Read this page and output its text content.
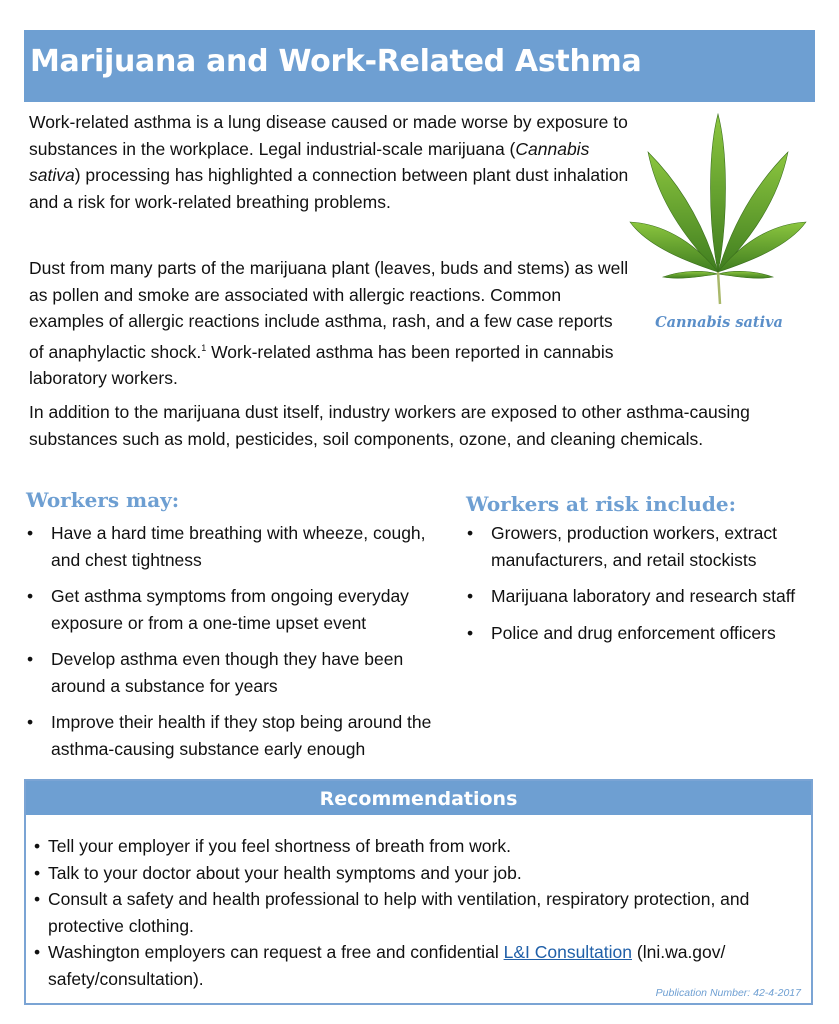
Marijuana and Work-Related Asthma

Work-related asthma is a lung disease caused or made worse by exposure to substances in the workplace. Legal industrial-scale marijuana (Cannabis sativa) processing has highlighted a connection between plant dust inhalation and a risk for work-related breathing problems.

Cannabis sativa

Dust from many parts of the marijuana plant (leaves, buds and stems) as well as pollen and smoke are associated with allergic reactions. Common examples of allergic reactions include asthma, rash, and a few case reports of anaphylactic shock.$^1$ Work-related asthma has been reported in cannabis laboratory workers.

In addition to the marijuana dust itself, industry workers are exposed to other asthma-causing substances such as mold, pesticides, soil components, ozone, and cleaning chemicals.

Workers may:
• Have a hard time breathing with wheeze, cough, and chest tightness
• Get asthma symptoms from ongoing everyday exposure or from a one-time upset event
• Develop asthma even though they have been around a substance for years
• Improve their health if they stop being around the asthma-causing substance early enough
Workers at risk include:
• Growers, production workers, extract manufacturers, and retail stockists
• Marijuana laboratory and research staff
• Police and drug enforcement officers
Recommendations
• Tell your employer if you feel shortness of breath from work.
• Talk to your doctor about your health symptoms and your job.
• Consult a safety and health professional to help with ventilation, respiratory protection, and protective clothing.
• Washington employers can request a free and confidential L&I Consultation (lni.wa.gov/ safety/consultation).
Publication Number: 42-4-2017
